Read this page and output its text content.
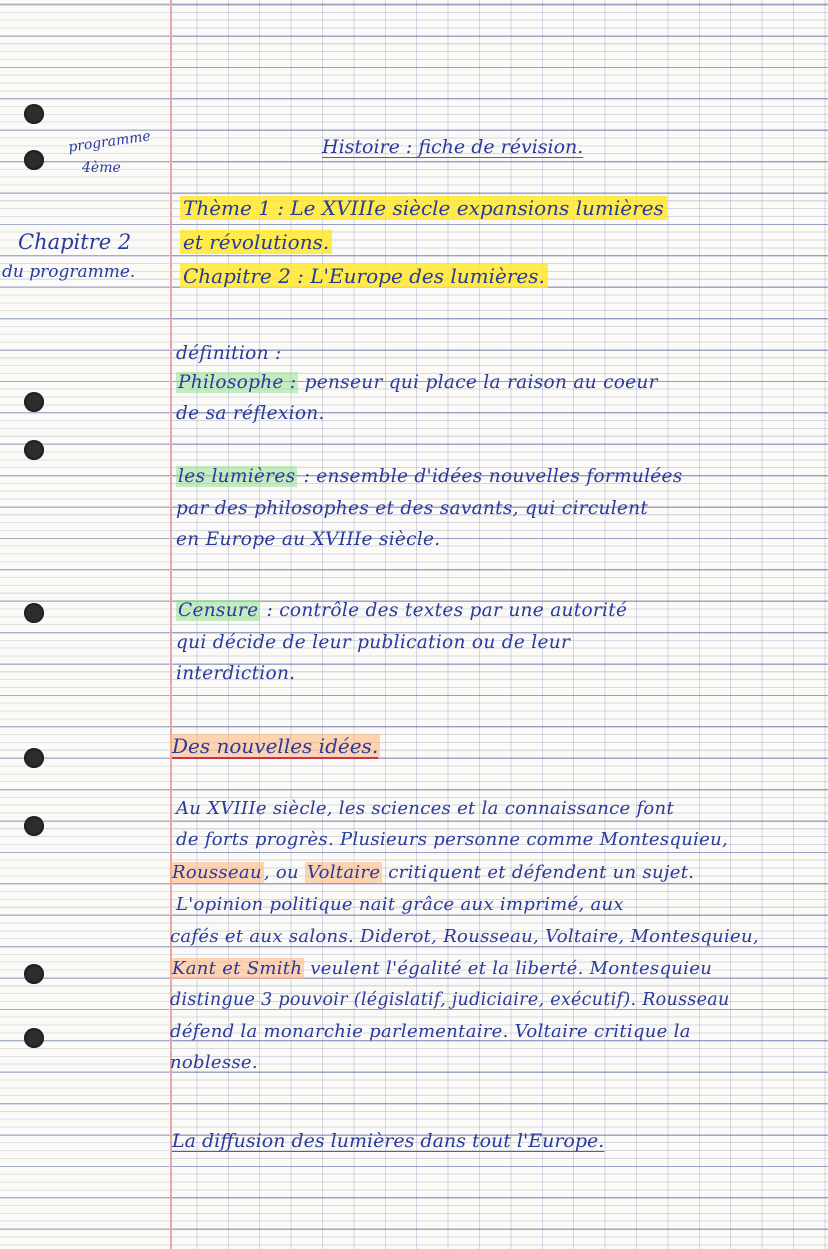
programme
4ème
Chapitre 2
du programme.
Histoire : fiche de révision.
Thème 1 : Le XVIIIe siècle expansions lumières
et révolutions.
Chapitre 2 : L'Europe des lumières.
définition :
Philosophe : penseur qui place la raison au coeur
de sa réflexion.
les lumières : ensemble d'idées nouvelles formulées
par des philosophes et des savants, qui circulent
en Europe au XVIIIe siècle.
Censure : contrôle des textes par une autorité
qui décide de leur publication ou de leur
interdiction.
Des nouvelles idées.
Au XVIIIe siècle, les sciences et la connaissance font
de forts progrès. Plusieurs personne comme Montesquieu,
Rousseau , ou Voltaire critiquent et défendent un sujet.
L'opinion politique nait grâce aux imprimé, aux
cafés et aux salons. Diderot, Rousseau, Voltaire, Montesquieu,
Kant et Smith veulent l'égalité et la liberté. Montesquieu
distingue 3 pouvoir (législatif, judiciaire, exécutif). Rousseau
défend la monarchie parlementaire. Voltaire critique la
noblesse.
La diffusion des lumières dans tout l'Europe.
